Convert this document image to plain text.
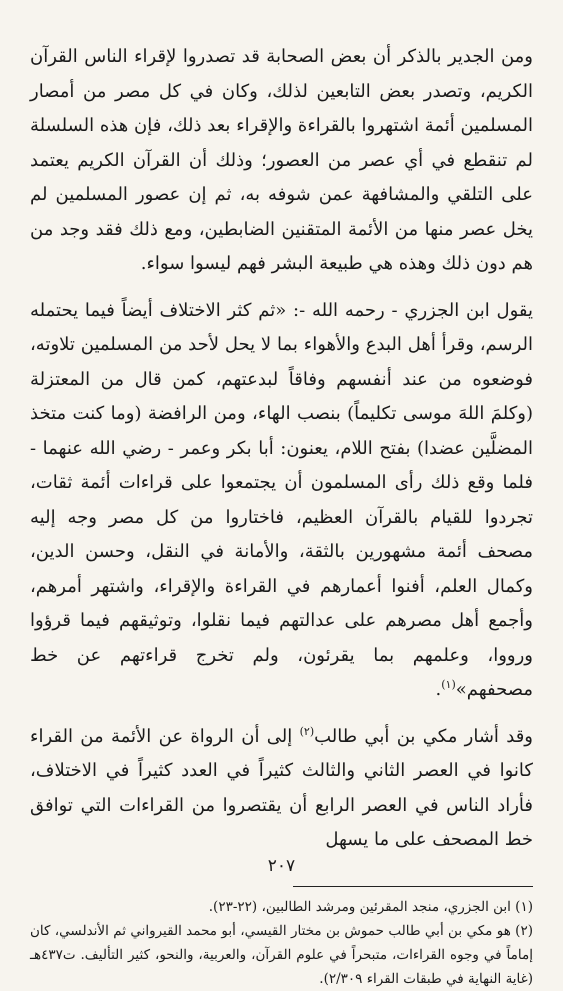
ومن الجدير بالذكر أن بعض الصحابة قد تصدروا لإقراء الناس القرآن الكريم، وتصدر بعض التابعين لذلك، وكان في كل مصر من أمصار المسلمين أئمة اشتهروا بالقراءة والإقراء بعد ذلك، فإن هذه السلسلة لم تنقطع في أي عصر من العصور؛ وذلك أن القرآن الكريم يعتمد على التلقي والمشافهة عمن شوفه به، ثم إن عصور المسلمين لم يخل عصر منها من الأئمة المتقنين الضابطين، ومع ذلك فقد وجد من هم دون ذلك وهذه هي طبيعة البشر فهم ليسوا سواء.

يقول ابن الجزري - رحمه الله -: «ثم كثر الاختلاف أيضاً فيما يحتمله الرسم، وقرأ أهل البدع والأهواء بما لا يحل لأحد من المسلمين تلاوته، فوضعوه من عند أنفسهم وفاقاً لبدعتهم، كمن قال من المعتزلة (وكلمَ اللهَ موسى تكليماً) بنصب الهاء، ومن الرافضة (وما كنت متخذ المضلَّين عضدا) بفتح اللام، يعنون: أبا بكر وعمر - رضي الله عنهما - فلما وقع ذلك رأى المسلمون أن يجتمعوا على قراءات أئمة ثقات، تجردوا للقيام بالقرآن العظيم، فاختاروا من كل مصر وجه إليه مصحف أئمة مشهورين بالثقة، والأمانة في النقل، وحسن الدين، وكمال العلم، أفنوا أعمارهم في القراءة والإقراء، واشتهر أمرهم، وأجمع أهل مصرهم على عدالتهم فيما نقلوا، وتوثيقهم فيما قرؤوا ورووا، وعلمهم بما يقرئون، ولم تخرج قراءتهم عن خط مصحفهم»$^{(١)}$.

وقد أشار مكي بن أبي طالب$^{(٢)}$ إلى أن الرواة عن الأئمة من القراء كانوا في العصر الثاني والثالث كثيراً في العدد كثيراً في الاختلاف، فأراد الناس في العصر الرابع أن يقتصروا من القراءات التي توافق خط المصحف على ما يسهل

(١) ابن الجزري، منجد المقرئين ومرشد الطالبين، (٢٢-٢٣).

(٢) هو مكي بن أبي طالب حموش بن مختار القيسي، أبو محمد القيرواني ثم الأندلسي، كان إماماً في وجوه القراءات، متبحراً في علوم القرآن، والعربية، والنحو، كثير التأليف. ت٤٣٧هـ (غاية النهاية في طبقات القراء ٢/٣٠٩).

٢٠٧
